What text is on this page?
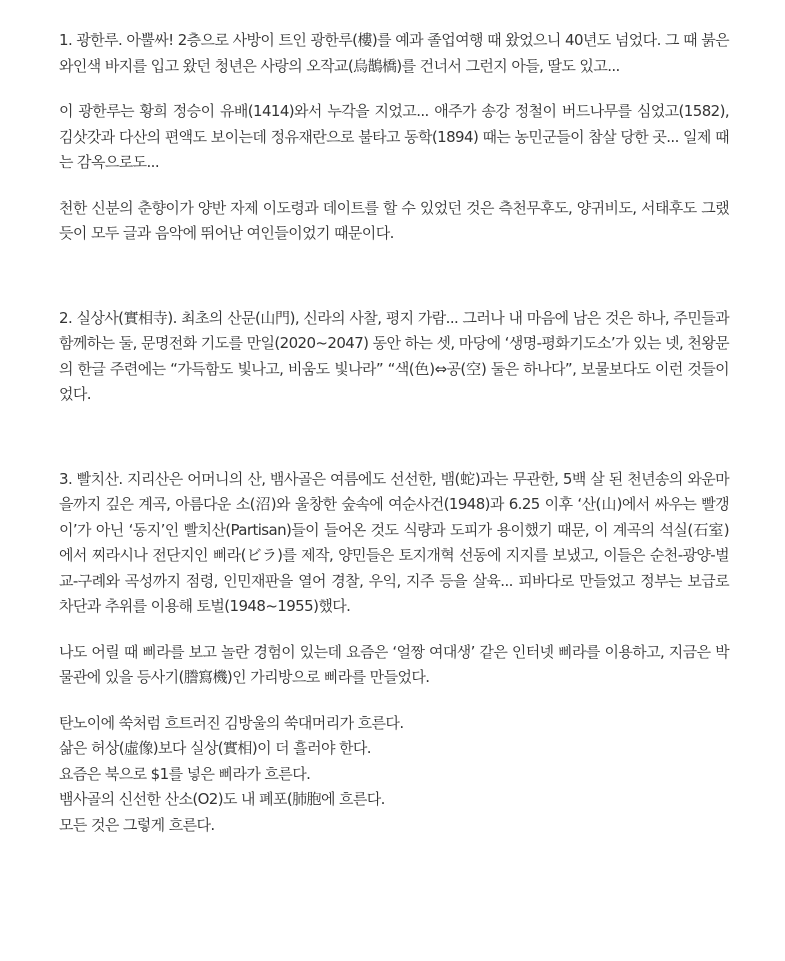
1. 광한루. 아뿔싸! 2층으로 사방이 트인 광한루(樓)를 예과 졸업여행 때 왔었으니 40년도 넘었다. 그 때 붉은 와인색 바지를 입고 왔던 청년은 사랑의 오작교(烏鵲橋)를 건너서 그런지 아들, 딸도 있고...

이 광한루는 황희 정승이 유배(1414)와서 누각을 지었고... 애주가 송강 정철이 버드나무를 심었고(1582), 김삿갓과 다산의 편액도 보이는데 정유재란으로 불타고 동학(1894) 때는 농민군들이 참살 당한 곳... 일제 때는 감옥으로도...

천한 신분의 춘향이가 양반 자제 이도령과 데이트를 할 수 있었던 것은 측천무후도, 양귀비도, 서태후도 그랬듯이 모두 글과 음악에 뛰어난 여인들이었기 때문이다.

2. 실상사(實相寺). 최초의 산문(山門), 신라의 사찰, 평지 가람... 그러나 내 마음에 남은 것은 하나, 주민들과 함께하는 둘, 문명전화 기도를 만일(2020~2047) 동안 하는 셋, 마당에 ‘생명-평화기도소’가 있는 넷, 천왕문의 한글 주련에는 “가득함도 빛나고, 비움도 빛나라” “색(色)⇔공(空) 둘은 하나다”, 보물보다도 이런 것들이었다.

3. 빨치산. 지리산은 어머니의 산, 뱀사골은 여름에도 선선한, 뱀(蛇)과는 무관한, 5백 살 된 천년송의 와운마을까지 깊은 계곡, 아름다운 소(沼)와 울창한 숲속에 여순사건(1948)과 6.25 이후 ‘산(山)에서 싸우는 빨갱이’가 아닌 ‘동지’인 빨치산(Partisan)들이 들어온 것도 식량과 도피가 용이했기 때문, 이 계곡의 석실(石室)에서 찌라시나 전단지인 삐라(ビラ)를 제작, 양민들은 토지개혁 선동에 지지를 보냈고, 이들은 순천-광양-벌교-구례와 곡성까지 점령, 인민재판을 열어 경찰, 우익, 지주 등을 살육... 피바다로 만들었고 정부는 보급로 차단과 추위를 이용해 토벌(1948~1955)했다.

나도 어릴 때 삐라를 보고 놀란 경험이 있는데 요즘은 ‘얼짱 여대생’ 같은 인터넷 삐라를 이용하고, 지금은 박물관에 있을 등사기(謄寫機)인 가리방으로 삐라를 만들었다.

탄노이에 쑥처럼 흐트러진 김방울의 쑥대머리가 흐른다.
삶은 허상(虛像)보다 실상(實相)이 더 흘러야 한다.
요즘은 북으로 $1를 넣은 삐라가 흐른다.
뱀사골의 신선한 산소(O2)도 내 폐포(肺胞에 흐른다.
모든 것은 그렇게 흐른다.
